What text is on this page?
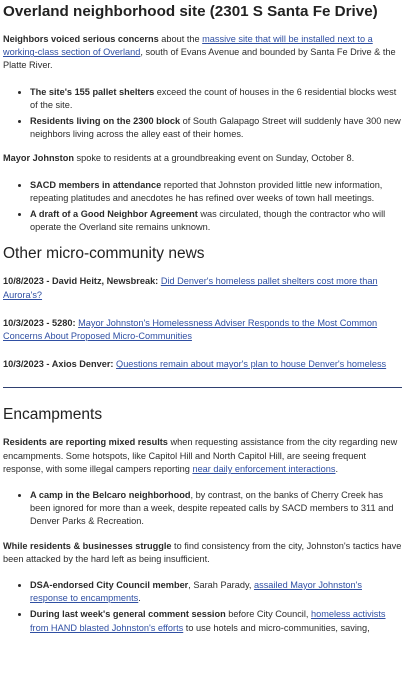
Overland neighborhood site (2301 S Santa Fe Drive)

Neighbors voiced serious concerns about the massive site that will be installed next to a working-class section of Overland, south of Evans Avenue and bounded by Santa Fe Drive & the Platte River.

• The site's 155 pallet shelters exceed the count of houses in the 6 residential blocks west of the site.
• Residents living on the 2300 block of South Galapago Street will suddenly have 300 new neighbors living across the alley east of their homes.

Mayor Johnston spoke to residents at a groundbreaking event on Sunday, October 8.

• SACD members in attendance reported that Johnston provided little new information, repeating platitudes and anecdotes he has refined over weeks of town hall meetings.
• A draft of a Good Neighbor Agreement was circulated, though the contractor who will operate the Overland site remains unknown.
Other micro-community news

10/8/2023 - David Heitz, Newsbreak: Did Denver's homeless pallet shelters cost more than Aurora's?

10/3/2023 - 5280: Mayor Johnston's Homelessness Adviser Responds to the Most Common Concerns About Proposed Micro-Communities

10/3/2023 - Axios Denver: Questions remain about mayor's plan to house Denver's homeless

Encampments

Residents are reporting mixed results when requesting assistance from the city regarding new encampments. Some hotspots, like Capitol Hill and North Capitol Hill, are seeing frequent response, with some illegal campers reporting near daily enforcement interactions.

• A camp in the Belcaro neighborhood, by contrast, on the banks of Cherry Creek has been ignored for more than a week, despite repeated calls by SACD members to 311 and Denver Parks & Recreation.

While residents & businesses struggle to find consistency from the city, Johnston's tactics have been attacked by the hard left as being insufficient.

• DSA-endorsed City Council member, Sarah Parady, assailed Mayor Johnston's response to encampments.
• During last week's general comment session before City Council, homeless activists from HAND blasted Johnston's efforts to use hotels and micro-communities, saving,
